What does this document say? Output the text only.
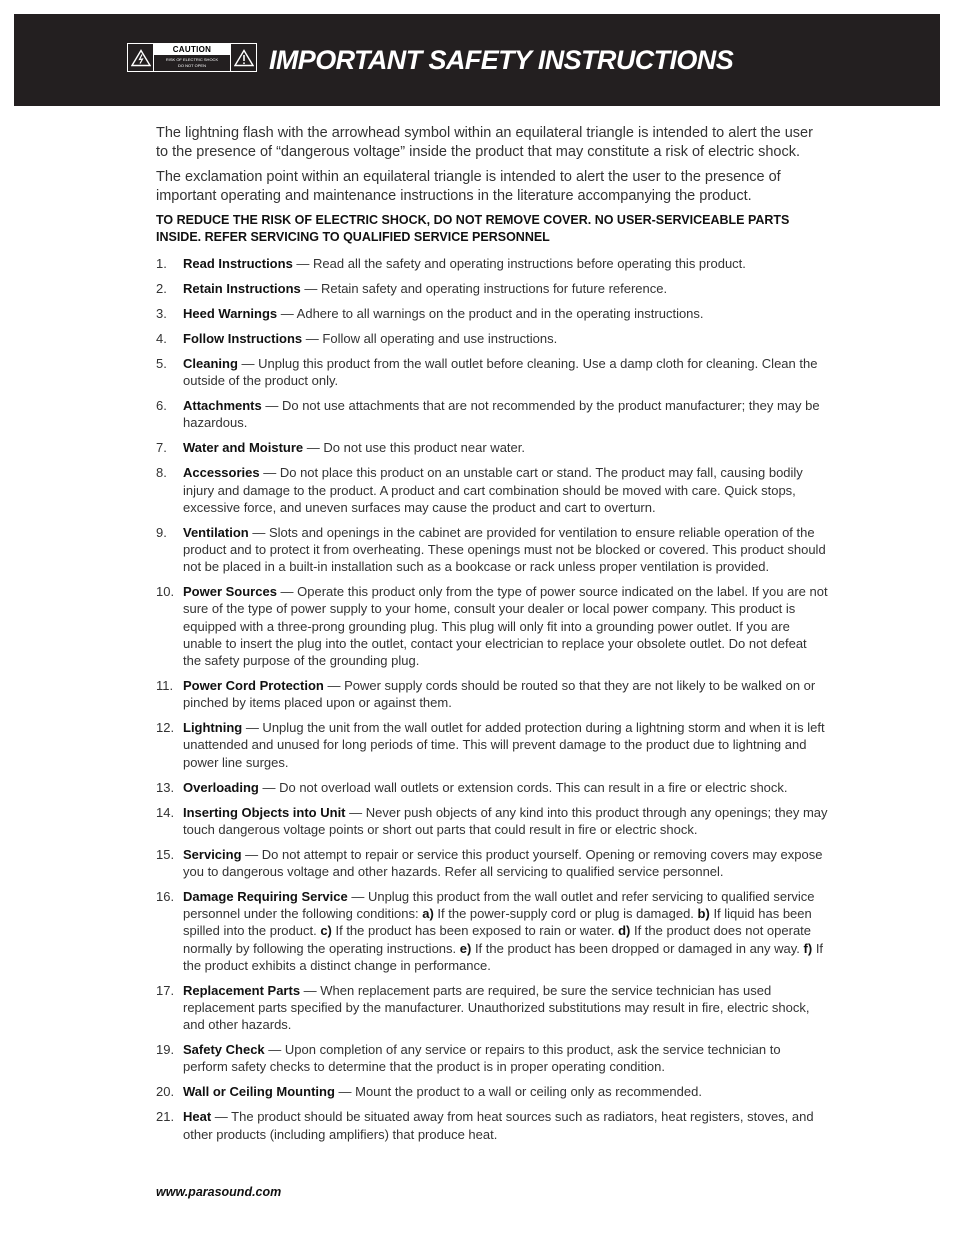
CAUTION
RISK OF ELECTRIC SHOCK
DO NOT OPEN	IMPORTANT SAFETY INSTRUCTIONS

The lightning flash with the arrowhead symbol within an equilateral triangle is intended to alert the user to the presence of “dangerous voltage” inside the product that may constitute a risk of electric shock.

The exclamation point within an equilateral triangle is intended to alert the user to the presence of important operating and maintenance instructions in the literature accompanying the product.

TO REDUCE THE RISK OF ELECTRIC SHOCK, DO NOT REMOVE COVER. NO USER-SERVICEABLE PARTS INSIDE. REFER SERVICING TO QUALIFIED SERVICE PERSONNEL

1. Read Instructions — Read all the safety and operating instructions before operating this product.
2. Retain Instructions — Retain safety and operating instructions for future reference.
3. Heed Warnings — Adhere to all warnings on the product and in the operating instructions.
4. Follow Instructions — Follow all operating and use instructions.
5. Cleaning — Unplug this product from the wall outlet before cleaning. Use a damp cloth for cleaning. Clean the outside of the product only.
6. Attachments — Do not use attachments that are not recommended by the product manufacturer; they may be hazardous.
7. Water and Moisture — Do not use this product near water.
8. Accessories — Do not place this product on an unstable cart or stand. The product may fall, causing bodily injury and damage to the product. A product and cart combination should be moved with care. Quick stops, excessive force, and uneven surfaces may cause the product and cart to overturn.
9. Ventilation — Slots and openings in the cabinet are provided for ventilation to ensure reliable operation of the product and to protect it from overheating. These openings must not be blocked or covered. This product should not be placed in a built-in installation such as a bookcase or rack unless proper ventilation is provided.
10. Power Sources — Operate this product only from the type of power source indicated on the label. If you are not sure of the type of power supply to your home, consult your dealer or local power company. This product is equipped with a three-prong grounding plug. This plug will only fit into a grounding power outlet. If you are unable to insert the plug into the outlet, contact your electrician to replace your obsolete outlet. Do not defeat the safety purpose of the grounding plug.
11. Power Cord Protection — Power supply cords should be routed so that they are not likely to be walked on or pinched by items placed upon or against them.
12. Lightning — Unplug the unit from the wall outlet for added protection during a lightning storm and when it is left unattended and unused for long periods of time. This will prevent damage to the product due to lightning and power line surges.
13. Overloading — Do not overload wall outlets or extension cords. This can result in a fire or electric shock.
14. Inserting Objects into Unit — Never push objects of any kind into this product through any openings; they may touch dangerous voltage points or short out parts that could result in fire or electric shock.
15. Servicing — Do not attempt to repair or service this product yourself. Opening or removing covers may expose you to dangerous voltage and other hazards. Refer all servicing to qualified service personnel.
16. Damage Requiring Service — Unplug this product from the wall outlet and refer servicing to qualified service personnel under the following conditions: a) If the power-supply cord or plug is damaged. b) If liquid has been spilled into the product. c) If the product has been exposed to rain or water. d) If the product does not operate normally by following the operating instructions. e) If the product has been dropped or damaged in any way. f) If the product exhibits a distinct change in performance.
17. Replacement Parts — When replacement parts are required, be sure the service technician has used replacement parts specified by the manufacturer. Unauthorized substitutions may result in fire, electric shock, and other hazards.
19. Safety Check — Upon completion of any service or repairs to this product, ask the service technician to perform safety checks to determine that the product is in proper operating condition.
20. Wall or Ceiling Mounting — Mount the product to a wall or ceiling only as recommended.
21. Heat — The product should be situated away from heat sources such as radiators, heat registers, stoves, and other products (including amplifiers) that produce heat.
www.parasound.com
